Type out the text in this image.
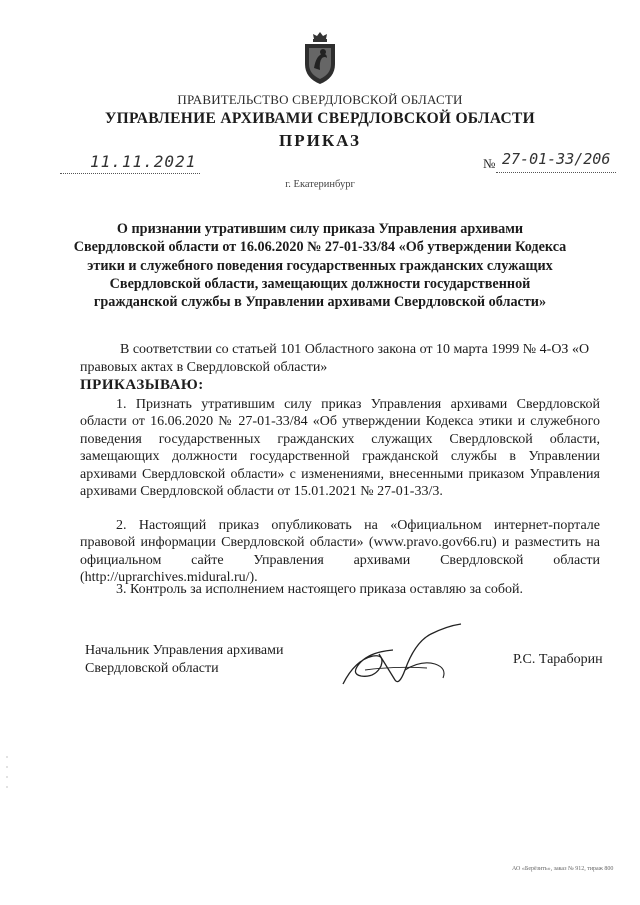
ПРАВИТЕЛЬСТВО СВЕРДЛОВСКОЙ ОБЛАСТИ
УПРАВЛЕНИЕ АРХИВАМИ СВЕРДЛОВСКОЙ ОБЛАСТИ
ПРИКАЗ
11.11.2021	№ 27-01-33/206
г. Екатеринбург
О признании утратившим силу приказа Управления архивами Свердловской области от 16.06.2020 № 27-01-33/84 «Об утверждении Кодекса этики и служебного поведения государственных гражданских служащих Свердловской области, замещающих должности государственной гражданской службы в Управлении архивами Свердловской области»
В соответствии со статьей 101 Областного закона от 10 марта 1999 № 4-ОЗ «О правовых актах в Свердловской области»
ПРИКАЗЫВАЮ:
1. Признать утратившим силу приказ Управления архивами Свердловской области от 16.06.2020 № 27-01-33/84 «Об утверждении Кодекса этики и служебного поведения государственных гражданских служащих Свердловской области, замещающих должности государственной гражданской службы в Управлении архивами Свердловской области» с изменениями, внесенными приказом Управления архивами Свердловской области от 15.01.2021 № 27-01-33/3.
2. Настоящий приказ опубликовать на «Официальном интернет-портале правовой информации Свердловской области» (www.pravo.gov66.ru) и разместить на официальном сайте Управления архивами Свердловской области (http://uprarchives.midural.ru/).
3. Контроль за исполнением настоящего приказа оставляю за собой.
Начальник Управления архивами
Свердловской области
Р.С. Тараборин
АО «Берёзить», заказ № 912, тираж 800
